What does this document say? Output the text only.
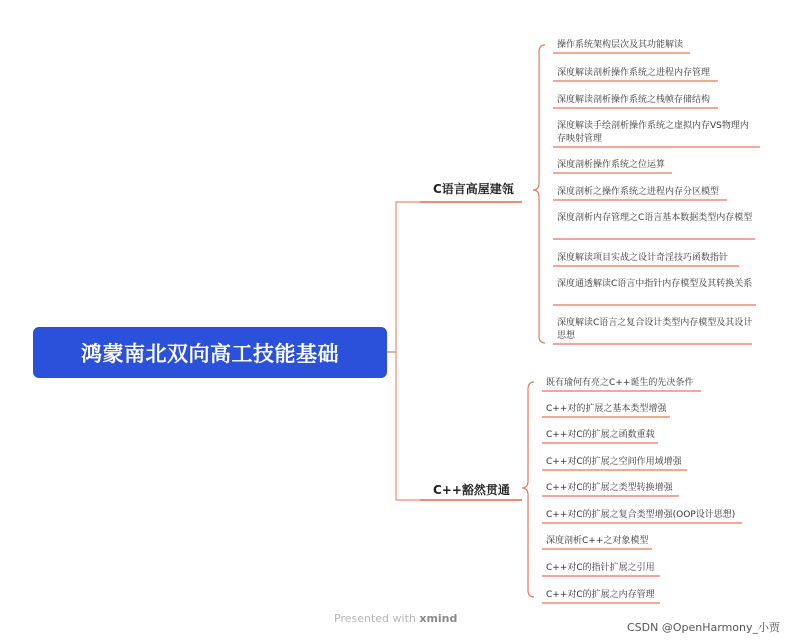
鸿蒙南北双向高工技能基础
C语言高屋建瓴
C++豁然贯通
操作系统架构层次及其功能解读
深度解读剖析操作系统之进程内存管理
深度解读剖析操作系统之栈帧存储结构
深度解读手绘剖析操作系统之虚拟内存VS物理内存映射管理
深度剖析操作系统之位运算
深度剖析之操作系统之进程内存分区模型
深度剖析内存管理之C语言基本数据类型内存模型
深度解读项目实战之设计奇淫技巧函数指针
深度通透解读C语言中指针内存模型及其转换关系
深度解读C语言之复合设计类型内存模型及其设计思想
既有瑜何有亮之C++诞生的先决条件
C++对的扩展之基本类型增强
C++对C的扩展之函数重载
C++对C的扩展之空间作用域增强
C++对C的扩展之类型转换增强
C++对C的扩展之复合类型增强(OOP设计思想)
深度剖析C++之对象模型
C++对C的指针扩展之引用
C++对C的扩展之内存管理
Presented with xmind
CSDN @OpenHarmony_小贾
